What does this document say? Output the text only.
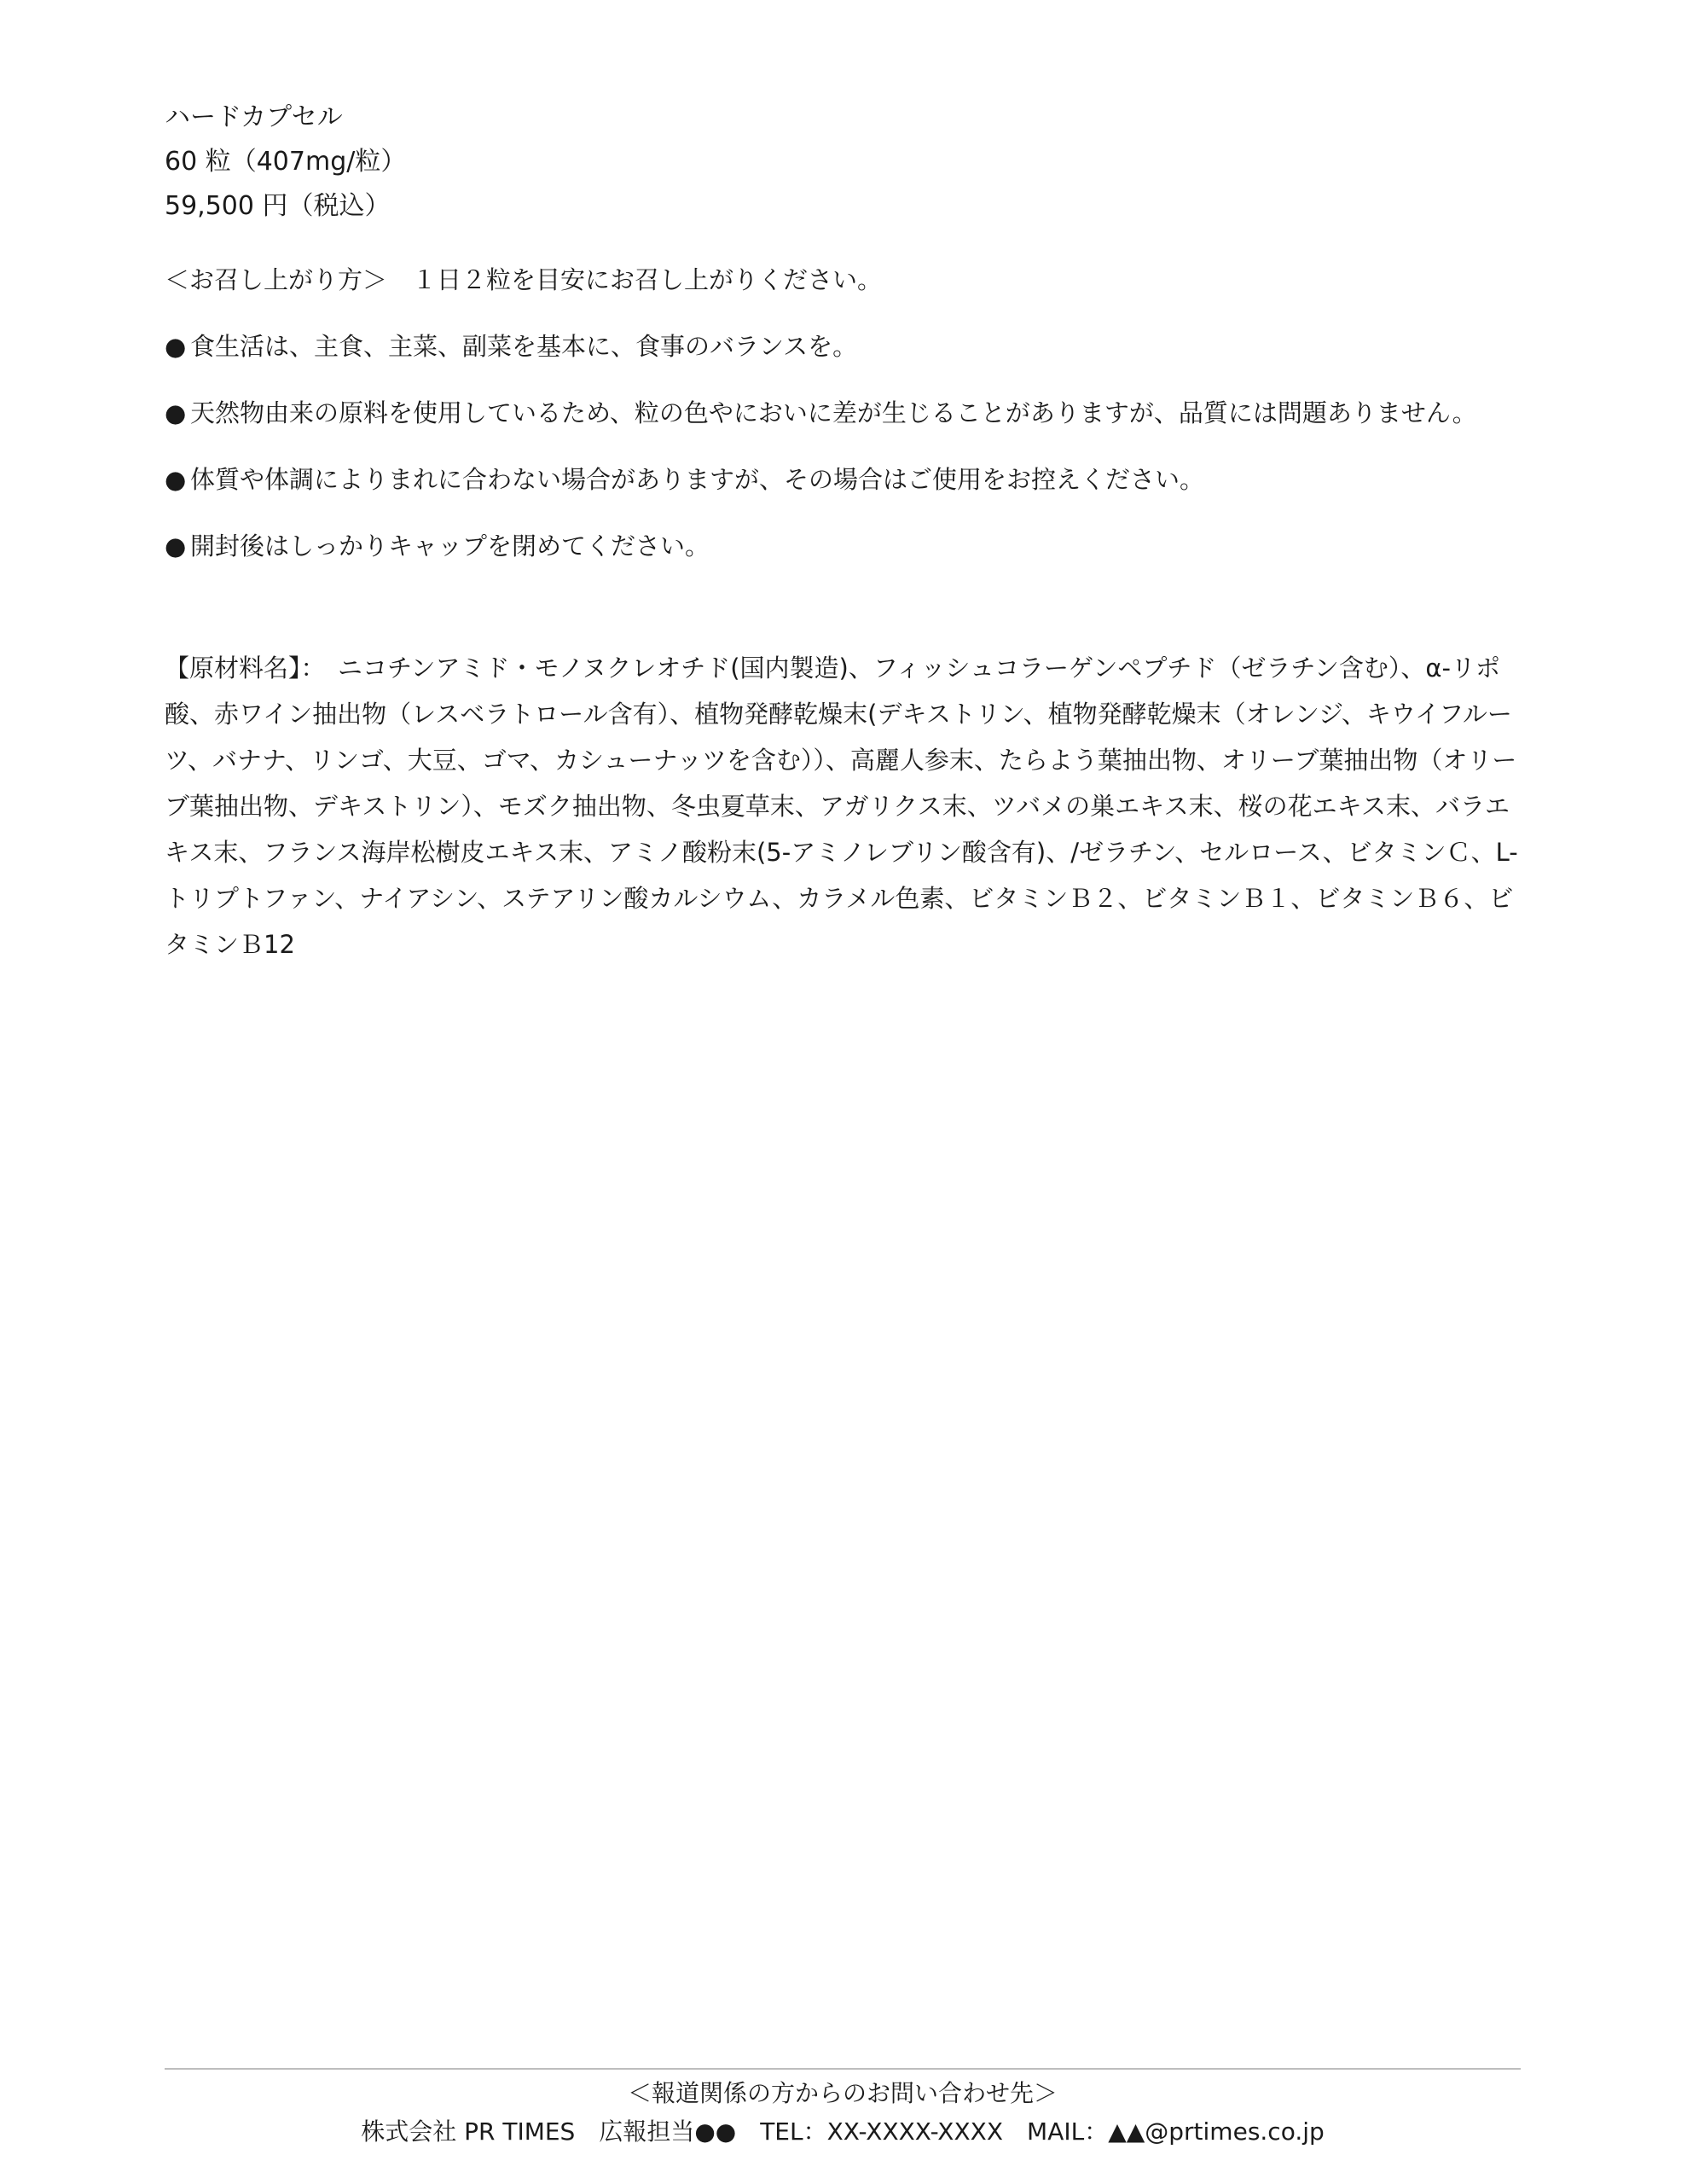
ハードカプセル
60 粒（407mg/粒）
59,500 円（税込）
＜お召し上がり方＞　１日２粒を目安にお召し上がりください。
● 食生活は、主食、主菜、副菜を基本に、食事のバランスを。
● 天然物由来の原料を使用しているため、粒の色やにおいに差が生じることがありますが、品質には問題ありません。
● 体質や体調によりまれに合わない場合がありますが、その場合はご使用をお控えください。
● 開封後はしっかりキャップを閉めてください。
【原材料名】：　ニコチンアミド・モノヌクレオチド(国内製造)、フィッシュコラーゲンペプチド（ゼラチン含む）、α-リポ酸、赤ワイン抽出物（レスベラトロール含有）、植物発酵乾燥末(デキストリン、植物発酵乾燥末（オレンジ、キウイフルーツ、バナナ、リンゴ、大豆、ゴマ、カシューナッツを含む））、高麗人参末、たらよう葉抽出物、オリーブ葉抽出物（オリーブ葉抽出物、デキストリン）、モズク抽出物、冬虫夏草末、アガリクス末、ツバメの巣エキス末、桜の花エキス末、バラエキス末、フランス海岸松樹皮エキス末、アミノ酸粉末(5-アミノレブリン酸含有)、/ゼラチン、セルロース、ビタミンＣ、L-トリプトファン、ナイアシン、ステアリン酸カルシウム、カラメル色素、ビタミンＢ２、ビタミンＢ１、ビタミンＢ６、ビタミンＢ12
＜報道関係の方からのお問い合わせ先＞
株式会社 PR TIMES　広報担当●●　TEL：XX-XXXX-XXXX　MAIL：▲▲@prtimes.co.jp
